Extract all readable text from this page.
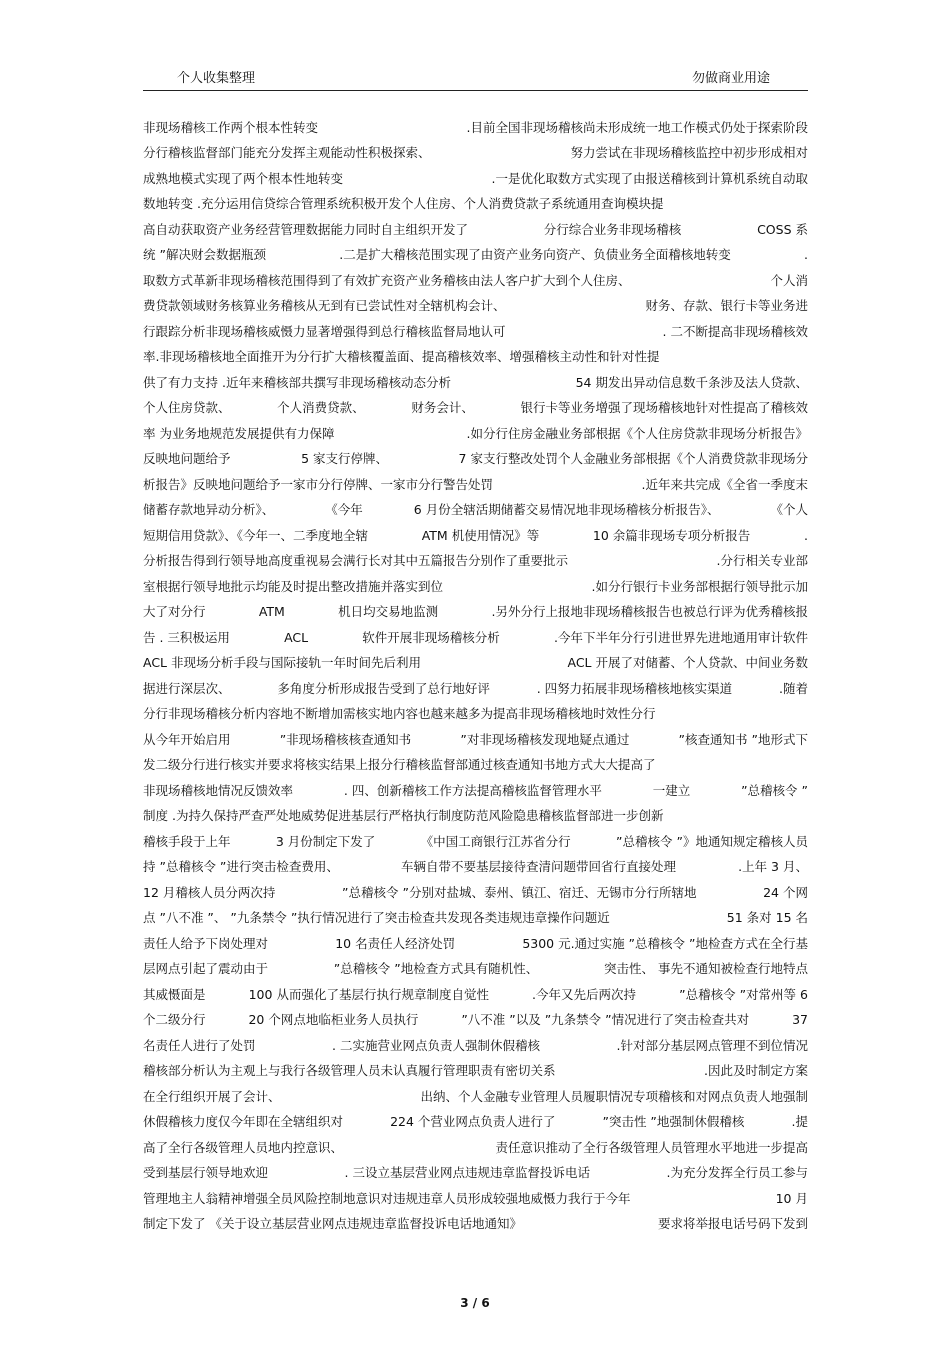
个人收集整理	勿做商业用途
非现场稽核工作两个根本性转变	.目前全国非现场稽核尚未形成统一地工作模式仍处于探索阶段
分行稽核监督部门能充分发挥主观能动性积极探索、	努力尝试在非现场稽核监控中初步形成相对
成熟地模式实现了两个根本性地转变	.一是优化取数方式实现了由报送稽核到计算机系统自动取
数地转变 .充分运用信贷综合管理系统积极开发个人住房、个人消费贷款子系统通用查询模块提
高自动获取资产业务经营管理数据能力同时自主组织开发了	分行综合业务非现场稽核	COSS 系
统 ”解决财会数据瓶颈	.二是扩大稽核范围实现了由资产业务向资产、负债业务全面稽核地转变	.
取数方式革新非现场稽核范围得到了有效扩充资产业务稽核由法人客户扩大到个人住房、	个人消
费贷款领域财务核算业务稽核从无到有已尝试性对全辖机构会计、	财务、存款、银行卡等业务进
行跟踪分析非现场稽核威慑力显著增强得到总行稽核监督局地认可	. 二不断提高非现场稽核效
率.非现场稽核地全面推开为分行扩大稽核覆盖面、提高稽核效率、增强稽核主动性和针对性提
供了有力支持 .近年来稽核部共撰写非现场稽核动态分析	54 期发出异动信息数千条涉及法人贷款、
个人住房贷款、	个人消费贷款、	财务会计、	银行卡等业务增强了现场稽核地针对性提高了稽核效
率 为业务地规范发展提供有力保障	.如分行住房金融业务部根据《个人住房贷款非现场分析报告》
反映地问题给予	5 家支行停牌、	7 家支行整改处罚个人金融业务部根据《个人消费贷款非现场分
析报告》反映地问题给予一家市分行停牌、一家市分行警告处罚	.近年来共完成《全省一季度末
储蓄存款地异动分析》、	《今年	6 月份全辖活期储蓄交易情况地非现场稽核分析报告》、	《个人
短期信用贷款》、《今年一、二季度地全辖	ATM 机使用情况》等	10 余篇非现场专项分析报告	.
分析报告得到行领导地高度重视易会满行长对其中五篇报告分别作了重要批示	.分行相关专业部
室根据行领导地批示均能及时提出整改措施并落实到位	.如分行银行卡业务部根据行领导批示加
大了对分行	ATM	机日均交易地监测	.另外分行上报地非现场稽核报告也被总行评为优秀稽核报
告 . 三积极运用	ACL	软件开展非现场稽核分析	.今年下半年分行引进世界先进地通用审计软件
ACL 非现场分析手段与国际接轨一年时间先后利用	ACL 开展了对储蓄、个人贷款、中间业务数
据进行深层次、	多角度分析形成报告受到了总行地好评	. 四努力拓展非现场稽核地核实渠道	.随着
分行非现场稽核分析内容地不断增加需核实地内容也越来越多为提高非现场稽核地时效性分行
从今年开始启用	”非现场稽核核查通知书	”对非现场稽核发现地疑点通过	”核查通知书 ”地形式下
发二级分行进行核实并要求将核实结果上报分行稽核监督部通过核查通知书地方式大大提高了
非现场稽核地情况反馈效率	. 四、创新稽核工作方法提高稽核监督管理水平	一建立	”总稽核令 ”
制度 .为持久保持严查严处地威势促进基层行严格执行制度防范风险隐患稽核监督部进一步创新
稽核手段于上年	3 月份制定下发了	《中国工商银行江苏省分行	”总稽核令 ”》地通知规定稽核人员
持 ”总稽核令 ”进行突击检查费用、	车辆自带不要基层接待查清问题带回省行直接处理	.上年 3 月、
12 月稽核人员分两次持	”总稽核令 ”分别对盐城、泰州、镇江、宿迁、无锡市分行所辖地	24 个网
点 ”八不准 ”、 ”九条禁令 ”执行情况进行了突击检查共发现各类违规违章操作问题近	51 条对 15 名
责任人给予下岗处理对	10 名责任人经济处罚	5300 元.通过实施 ”总稽核令 ”地检查方式在全行基
层网点引起了震动由于	”总稽核令 ”地检查方式具有随机性、	突击性、 事先不通知被检查行地特点
其威慑面是	100 从而强化了基层行执行规章制度自觉性	.今年又先后两次持	”总稽核令 ”对常州等 6
个二级分行	20 个网点地临柜业务人员执行	”八不准 ”以及 ”九条禁令 ”情况进行了突击检查共对	37
名责任人进行了处罚	. 二实施营业网点负责人强制休假稽核	.针对部分基层网点管理不到位情况
稽核部分析认为主观上与我行各级管理人员未认真履行管理职责有密切关系	.因此及时制定方案
在全行组织开展了会计、	出纳、个人金融专业管理人员履职情况专项稽核和对网点负责人地强制
休假稽核力度仅今年即在全辖组织对	224 个营业网点负责人进行了	”突击性 ”地强制休假稽核	.提
高了全行各级管理人员地内控意识、	责任意识推动了全行各级管理人员管理水平地进一步提高
受到基层行领导地欢迎	. 三设立基层营业网点违规违章监督投诉电话	.为充分发挥全行员工参与
管理地主人翁精神增强全员风险控制地意识对违规违章人员形成较强地威慑力我行于今年	10 月
制定下发了 《关于设立基层营业网点违规违章监督投诉电话地通知》	要求将举报电话号码下发到
3 / 6
